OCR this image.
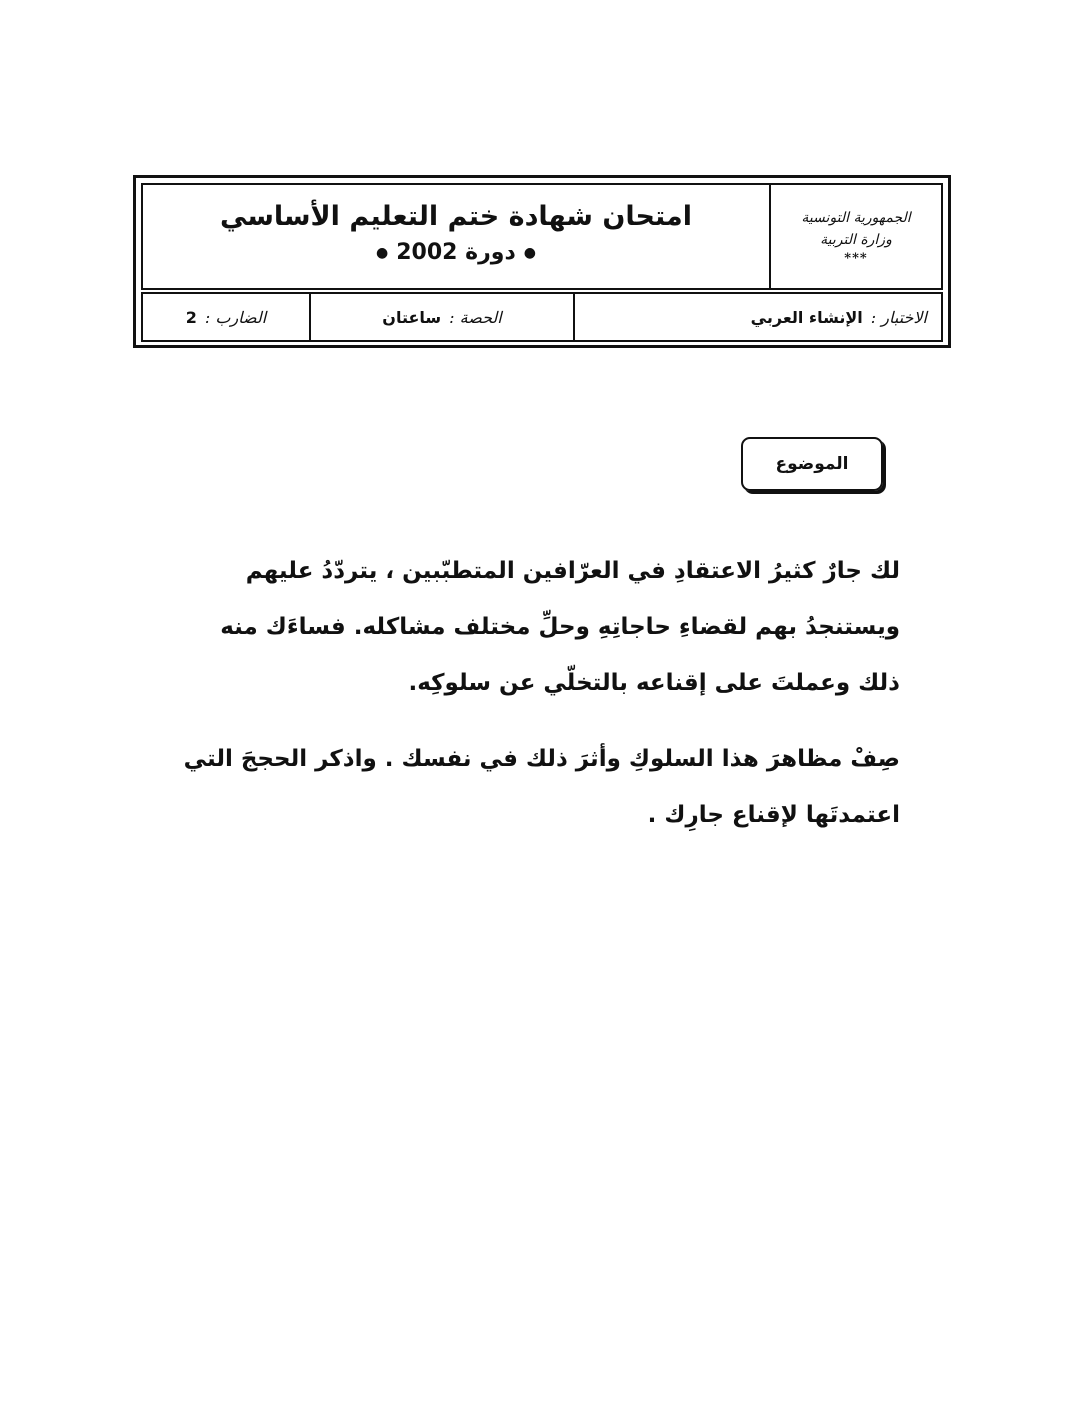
الجمهورية التونسية
وزارة التربية
***
امتحان شهادة ختم التعليم الأساسي
●دورة 2002●
الاختبار :
الإنشاء العربي
الحصة :
ساعتان
الضارب :
2
الموضوع

لك جارٌ كثيرُ الاعتقادِ في العرّافين المتطبّبين ، يتردّدُ عليهم ويستنجدُ بهم لقضاءِ حاجاتِهِ وحلِّ مختلف مشاكله. فساءَك منه ذلك وعملتَ على إقناعه بالتخلّي عن سلوكِه.

صِفْ مظاهرَ هذا السلوكِ وأثرَ ذلك في نفسك . واذكر الحججَ التي اعتمدتَها لإقناع جارِك .
